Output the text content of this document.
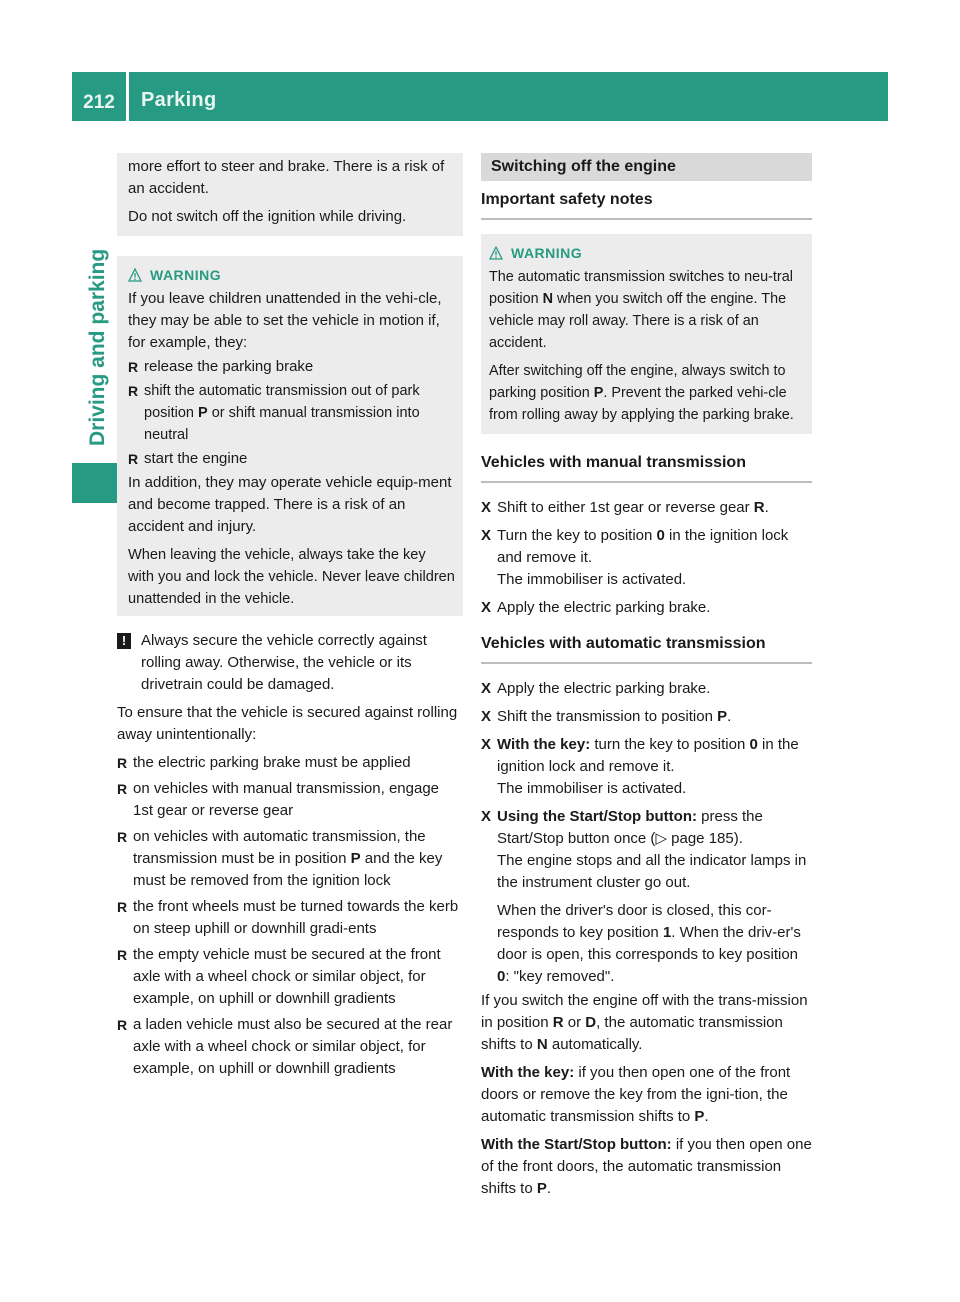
212	Parking
Driving and parking

more effort to steer and brake. There is a risk of an accident.

Do not switch off the ignition while driving.

WARNING

If you leave children unattended in the vehi-cle, they may be able to set the vehicle in motion if, for example, they:

R release the parking brake
R shift the automatic transmission out of park position P or shift manual transmission into neutral
R start the engine

In addition, they may operate vehicle equip-ment and become trapped. There is a risk of an accident and injury.

When leaving the vehicle, always take the key with you and lock the vehicle. Never leave children unattended in the vehicle.

! Always secure the vehicle correctly against rolling away. Otherwise, the vehicle or its drivetrain could be damaged.

To ensure that the vehicle is secured against rolling away unintentionally:

R the electric parking brake must be applied
R on vehicles with manual transmission, engage 1st gear or reverse gear
R on vehicles with automatic transmission, the transmission must be in position P and the key must be removed from the ignition lock
R the front wheels must be turned towards the kerb on steep uphill or downhill gradi-ents
R the empty vehicle must be secured at the front axle with a wheel chock or similar object, for example, on uphill or downhill gradients
R a laden vehicle must also be secured at the rear axle with a wheel chock or similar object, for example, on uphill or downhill gradients
Switching off the engine
Important safety notes
WARNING

The automatic transmission switches to neu-tral position N when you switch off the engine. The vehicle may roll away. There is a risk of an accident.

After switching off the engine, always switch to parking position P. Prevent the parked vehi-cle from rolling away by applying the parking brake.

Vehicles with manual transmission
X Shift to either 1st gear or reverse gear R.
X Turn the key to position 0 in the ignition lock and remove it.
The immobiliser is activated.
X Apply the electric parking brake.
Vehicles with automatic transmission
X Apply the electric parking brake.
X Shift the transmission to position P.
X With the key: turn the key to position 0 in the ignition lock and remove it.
The immobiliser is activated.
X Using the Start/Stop button: press the Start/Stop button once (▷ page 185).
The engine stops and all the indicator lamps in the instrument cluster go out.
When the driver's door is closed, this cor-responds to key position 1. When the driv-er's door is open, this corresponds to key position 0: "key removed".

If you switch the engine off with the trans-mission in position R or D, the automatic transmission shifts to N automatically.

With the key: if you then open one of the front doors or remove the key from the igni-tion, the automatic transmission shifts to P.

With the Start/Stop button: if you then open one of the front doors, the automatic transmission shifts to P.
